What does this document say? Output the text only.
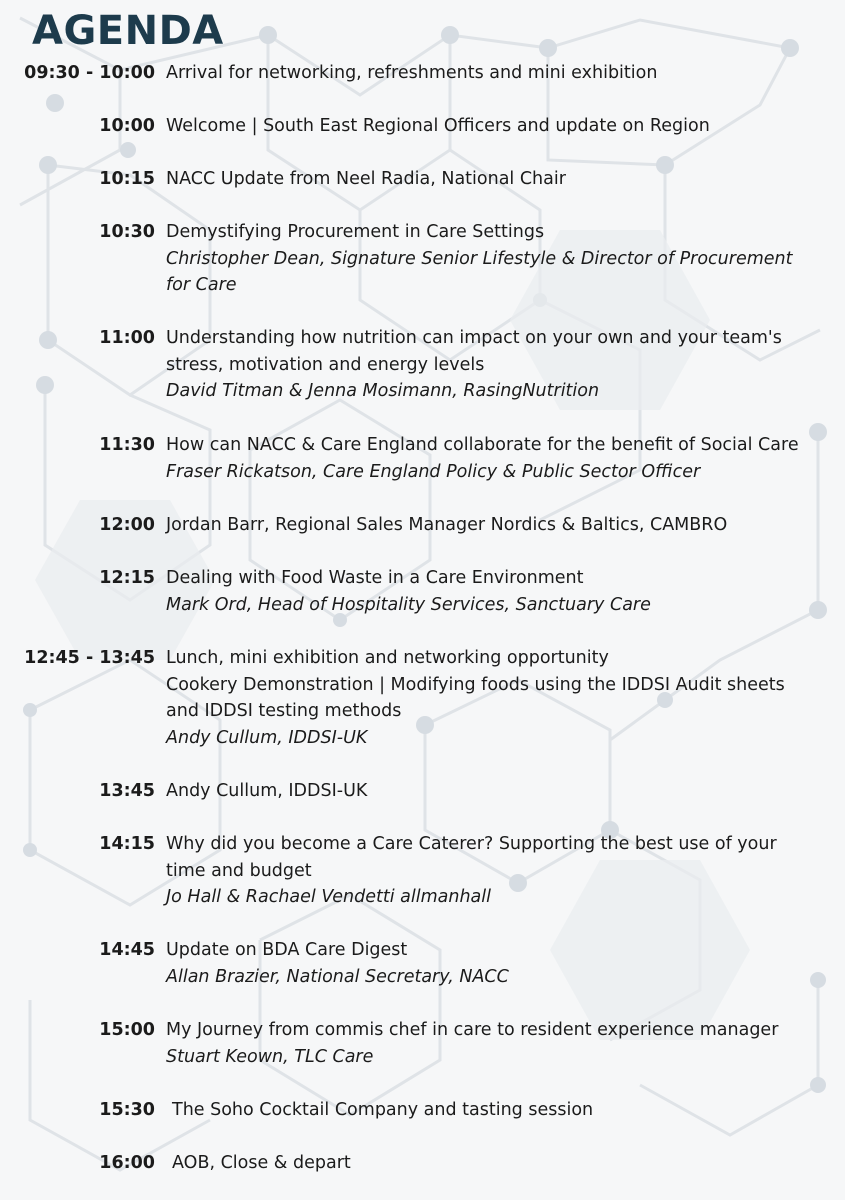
AGENDA
09:30 - 10:00 Arrival for networking, refreshments and mini exhibition
10:00 Welcome | South East Regional Officers and update on Region
10:15 NACC Update from Neel Radia, National Chair
10:30 Demystifying Procurement in Care Settings
Christopher Dean, Signature Senior Lifestyle & Director of Procurement
for Care
11:00 Understanding how nutrition can impact on your own and your team's
stress, motivation and energy levels
David Titman & Jenna Mosimann, RasingNutrition
11:30 How can NACC & Care England collaborate for the benefit of Social Care
Fraser Rickatson, Care England Policy & Public Sector Officer
12:00 Jordan Barr, Regional Sales Manager Nordics & Baltics, CAMBRO
12:15 Dealing with Food Waste in a Care Environment
Mark Ord, Head of Hospitality Services, Sanctuary Care
12:45 - 13:45 Lunch, mini exhibition and networking opportunity
Cookery Demonstration | Modifying foods using the IDDSI Audit sheets
and IDDSI testing methods
Andy Cullum, IDDSI-UK
13:45 Andy Cullum, IDDSI-UK
14:15 Why did you become a Care Caterer? Supporting the best use of your
time and budget
Jo Hall & Rachael Vendetti allmanhall
14:45 Update on BDA Care Digest
Allan Brazier, National Secretary, NACC
15:00 My Journey from commis chef in care to resident experience manager
Stuart Keown, TLC Care
15:30 The Soho Cocktail Company and tasting session
16:00 AOB, Close & depart
